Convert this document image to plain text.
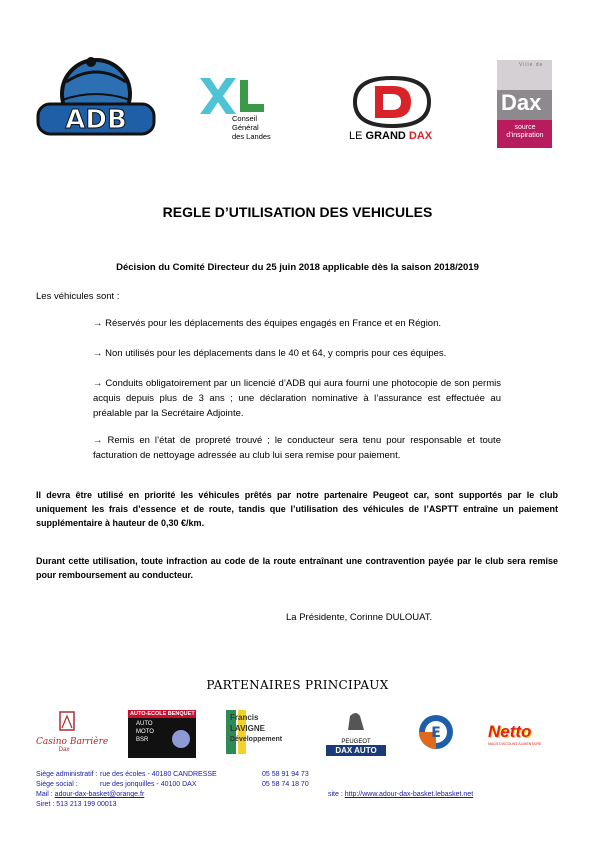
ADB	Conseil
Général
des Landes	LE GRAND DAX
Ville de
Dax
source
d'inspiration
REGLE D’UTILISATION DES VEHICULES
Décision du Comité Directeur du 25 juin 2018 applicable dès la saison 2018/2019
Les véhicules sont :
→ Réservés pour les déplacements des équipes engagés en France et en Région.
→ Non utilisés pour les déplacements dans le 40 et 64, y compris pour ces équipes.
→ Conduits obligatoirement par un licencié d’ADB qui aura fourni une photocopie de son permis acquis depuis plus de 3 ans ; une déclaration nominative à l’assurance est effectuée au préalable par la Secrétaire Adjointe.
→ Remis en l’état de propreté trouvé ; le conducteur sera tenu pour responsable et toute facturation de nettoyage adressée au club lui sera remise pour paiement.
Il devra être utilisé en priorité les véhicules prêtés par notre partenaire Peugeot car, sont supportés par le club uniquement les frais d’essence et de route, tandis que l’utilisation des véhicules de l’ASPTT entraîne un paiement supplémentaire à hauteur de 0,30 €/km.
Durant cette utilisation, toute infraction au code de la route entraînant une contravention payée par le club sera remise pour remboursement au conducteur.
La Présidente, Corinne DULOUAT.
PARTENAIRES PRINCIPAUX
Casino Barrière
Dax
AUTO-ECOLE BENQUET
AUTO
MOTO
BSR
Francis
LAVIGNE
Développement	PEUGEOT
DAX AUTO
E	Netto
MAGS DISCOUNT ALIMENTAIRE
Siège administratif : rue des écoles - 40180 CANDRESSE	05 58 91 94 73
Siège social :	rue des jonquilles - 40100 DAX	05 58 74 18 70
Mail : adour-dax-basket@orange.fr	site : http://www.adour-dax-basket.lebasket.net
Siret : 513 213 199 00013
